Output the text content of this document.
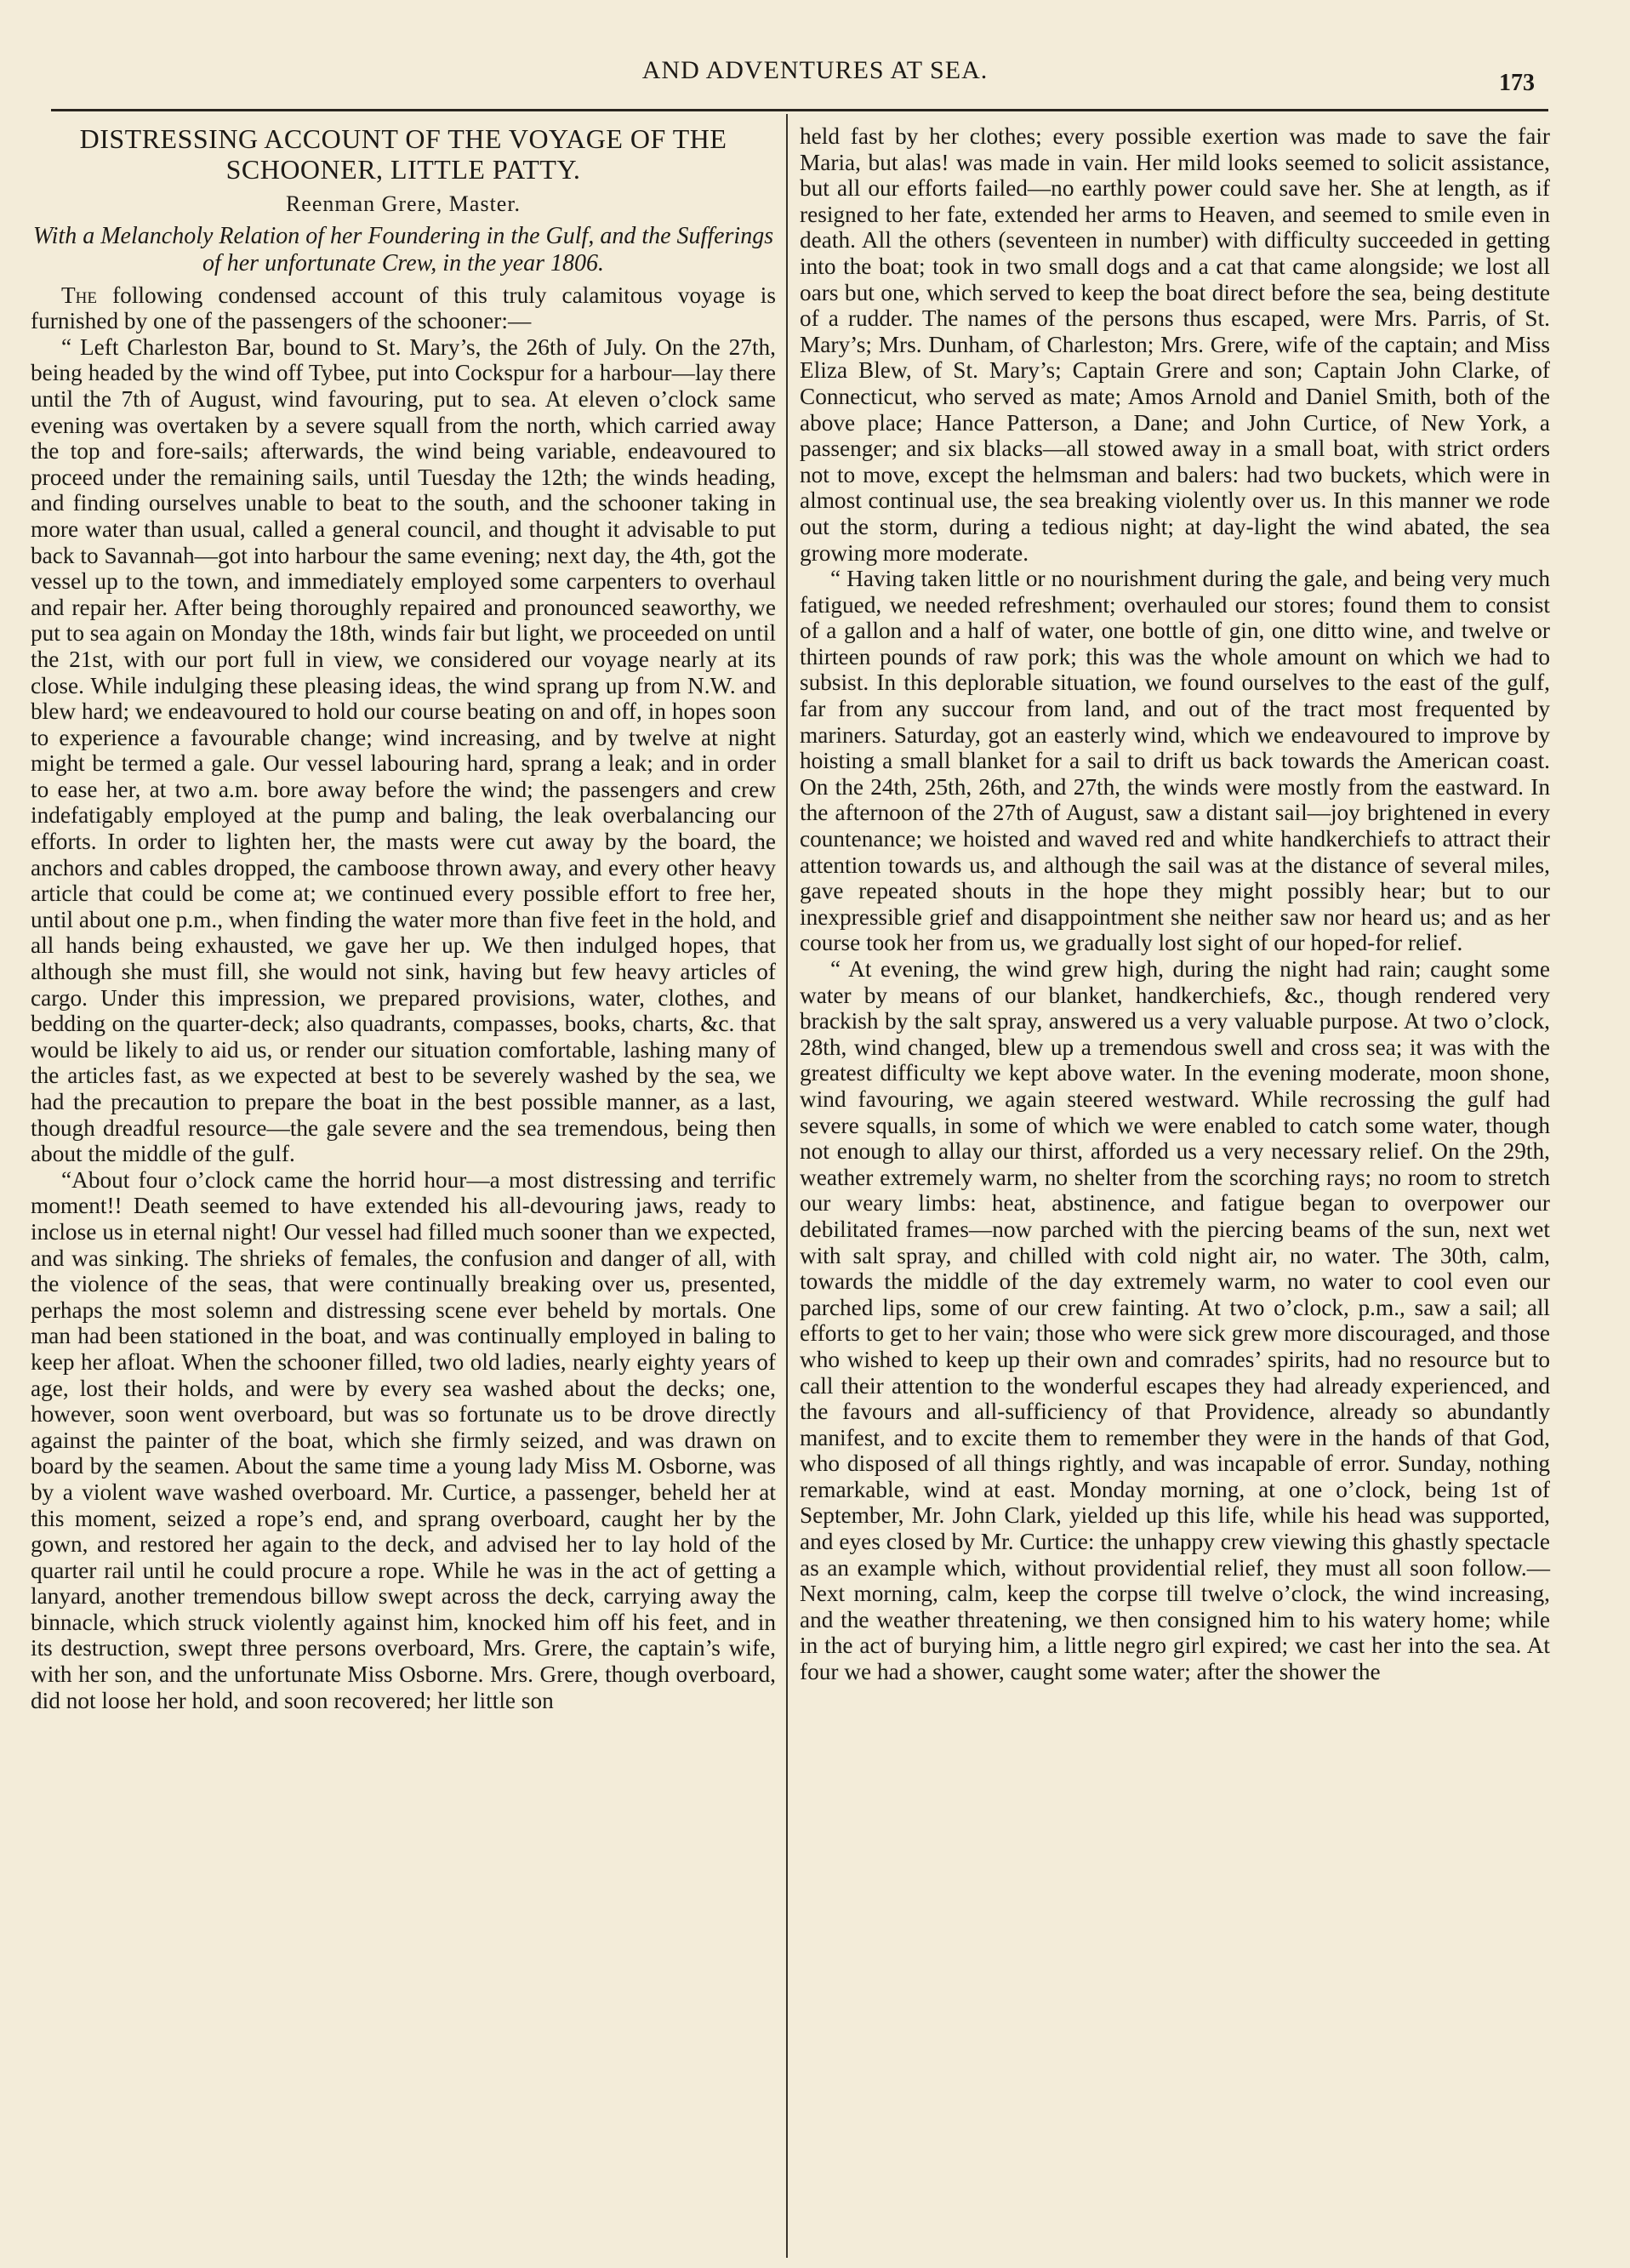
AND ADVENTURES AT SEA.	173
DISTRESSING ACCOUNT OF THE VOYAGE OF THE
SCHOONER, LITTLE PATTY.
Reenman Grere, Master.
With a Melancholy Relation of her Foundering in the Gulf, and the Sufferings of her unfortunate Crew, in the year 1806.

The following condensed account of this truly calamitous voyage is furnished by one of the passengers of the schooner:—

“ Left Charleston Bar, bound to St. Mary’s, the 26th of July. On the 27th, being headed by the wind off Tybee, put into Cockspur for a harbour—lay there until the 7th of August, wind favouring, put to sea. At eleven o’clock same evening was overtaken by a severe squall from the north, which carried away the top and fore-sails; afterwards, the wind being variable, endeavoured to proceed under the remaining sails, until Tuesday the 12th; the winds heading, and finding ourselves unable to beat to the south, and the schooner taking in more water than usual, called a general council, and thought it advisable to put back to Savannah—got into harbour the same evening; next day, the 4th, got the vessel up to the town, and immediately employed some carpenters to overhaul and repair her. After being thoroughly repaired and pronounced seaworthy, we put to sea again on Monday the 18th, winds fair but light, we proceeded on until the 21st, with our port full in view, we considered our voyage nearly at its close. While indulging these pleasing ideas, the wind sprang up from N.W. and blew hard; we endeavoured to hold our course beating on and off, in hopes soon to experience a favourable change; wind increasing, and by twelve at night might be termed a gale. Our vessel labouring hard, sprang a leak; and in order to ease her, at two a.m. bore away before the wind; the passengers and crew indefatigably employed at the pump and baling, the leak overbalancing our efforts. In order to lighten her, the masts were cut away by the board, the anchors and cables dropped, the camboose thrown away, and every other heavy article that could be come at; we continued every possible effort to free her, until about one p.m., when finding the water more than five feet in the hold, and all hands being exhausted, we gave her up. We then indulged hopes, that although she must fill, she would not sink, having but few heavy articles of cargo. Under this impression, we prepared provisions, water, clothes, and bedding on the quarter-deck; also quadrants, compasses, books, charts, &c. that would be likely to aid us, or render our situation comfortable, lashing many of the articles fast, as we expected at best to be severely washed by the sea, we had the precaution to prepare the boat in the best possible manner, as a last, though dreadful resource—the gale severe and the sea tremendous, being then about the middle of the gulf.

“About four o’clock came the horrid hour—a most distressing and terrific moment!! Death seemed to have extended his all-devouring jaws, ready to inclose us in eternal night! Our vessel had filled much sooner than we expected, and was sinking. The shrieks of females, the confusion and danger of all, with the violence of the seas, that were continually breaking over us, presented, perhaps the most solemn and distressing scene ever beheld by mortals. One man had been stationed in the boat, and was continually employed in baling to keep her afloat. When the schooner filled, two old ladies, nearly eighty years of age, lost their holds, and were by every sea washed about the decks; one, however, soon went overboard, but was so fortunate us to be drove directly against the painter of the boat, which she firmly seized, and was drawn on board by the seamen. About the same time a young lady Miss M. Osborne, was by a violent wave washed overboard. Mr. Curtice, a passenger, beheld her at this moment, seized a rope’s end, and sprang overboard, caught her by the gown, and restored her again to the deck, and advised her to lay hold of the quarter rail until he could procure a rope. While he was in the act of getting a lanyard, another tremendous billow swept across the deck, carrying away the binnacle, which struck violently against him, knocked him off his feet, and in its destruction, swept three persons overboard, Mrs. Grere, the captain’s wife, with her son, and the unfortunate Miss Osborne. Mrs. Grere, though overboard, did not loose her hold, and soon recovered; her little son

held fast by her clothes; every possible exertion was made to save the fair Maria, but alas! was made in vain. Her mild looks seemed to solicit assistance, but all our efforts failed—no earthly power could save her. She at length, as if resigned to her fate, extended her arms to Heaven, and seemed to smile even in death. All the others (seventeen in number) with difficulty succeeded in getting into the boat; took in two small dogs and a cat that came alongside; we lost all oars but one, which served to keep the boat direct before the sea, being destitute of a rudder. The names of the persons thus escaped, were Mrs. Parris, of St. Mary’s; Mrs. Dunham, of Charleston; Mrs. Grere, wife of the captain; and Miss Eliza Blew, of St. Mary’s; Captain Grere and son; Captain John Clarke, of Connecticut, who served as mate; Amos Arnold and Daniel Smith, both of the above place; Hance Patterson, a Dane; and John Curtice, of New York, a passenger; and six blacks—all stowed away in a small boat, with strict orders not to move, except the helmsman and balers: had two buckets, which were in almost continual use, the sea breaking violently over us. In this manner we rode out the storm, during a tedious night; at day-light the wind abated, the sea growing more moderate.

“ Having taken little or no nourishment during the gale, and being very much fatigued, we needed refreshment; overhauled our stores; found them to consist of a gallon and a half of water, one bottle of gin, one ditto wine, and twelve or thirteen pounds of raw pork; this was the whole amount on which we had to subsist. In this deplorable situation, we found ourselves to the east of the gulf, far from any succour from land, and out of the tract most frequented by mariners. Saturday, got an easterly wind, which we endeavoured to improve by hoisting a small blanket for a sail to drift us back towards the American coast. On the 24th, 25th, 26th, and 27th, the winds were mostly from the eastward. In the afternoon of the 27th of August, saw a distant sail—joy brightened in every countenance; we hoisted and waved red and white handkerchiefs to attract their attention towards us, and although the sail was at the distance of several miles, gave repeated shouts in the hope they might possibly hear; but to our inexpressible grief and disappointment she neither saw nor heard us; and as her course took her from us, we gradually lost sight of our hoped-for relief.

“ At evening, the wind grew high, during the night had rain; caught some water by means of our blanket, handkerchiefs, &c., though rendered very brackish by the salt spray, answered us a very valuable purpose. At two o’clock, 28th, wind changed, blew up a tremendous swell and cross sea; it was with the greatest difficulty we kept above water. In the evening moderate, moon shone, wind favouring, we again steered westward. While recrossing the gulf had severe squalls, in some of which we were enabled to catch some water, though not enough to allay our thirst, afforded us a very necessary relief. On the 29th, weather extremely warm, no shelter from the scorching rays; no room to stretch our weary limbs: heat, abstinence, and fatigue began to overpower our debilitated frames—now parched with the piercing beams of the sun, next wet with salt spray, and chilled with cold night air, no water. The 30th, calm, towards the middle of the day extremely warm, no water to cool even our parched lips, some of our crew fainting. At two o’clock, p.m., saw a sail; all efforts to get to her vain; those who were sick grew more discouraged, and those who wished to keep up their own and comrades’ spirits, had no resource but to call their attention to the wonderful escapes they had already experienced, and the favours and all-sufficiency of that Providence, already so abundantly manifest, and to excite them to remember they were in the hands of that God, who disposed of all things rightly, and was incapable of error. Sunday, nothing remarkable, wind at east. Monday morning, at one o’clock, being 1st of September, Mr. John Clark, yielded up this life, while his head was supported, and eyes closed by Mr. Curtice: the unhappy crew viewing this ghastly spectacle as an example which, without providential relief, they must all soon follow.—Next morning, calm, keep the corpse till twelve o’clock, the wind increasing, and the weather threatening, we then consigned him to his watery home; while in the act of burying him, a little negro girl expired; we cast her into the sea. At four we had a shower, caught some water; after the shower the
